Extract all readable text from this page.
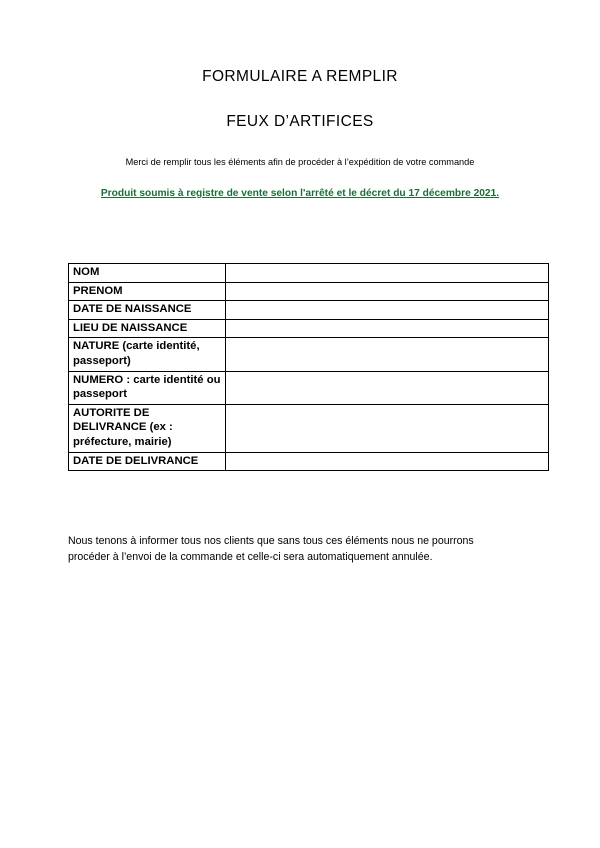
FORMULAIRE A REMPLIR
FEUX D’ARTIFICES

Merci de remplir tous les éléments afin de procéder à l’expédition de votre commande

Produit soumis à registre de vente selon l'arrêté et le décret du 17 décembre 2021.

NOM	
PRENOM	
DATE DE NAISSANCE	
LIEU DE NAISSANCE	
NATURE (carte identité, passeport)	
NUMERO : carte identité ou passeport	
AUTORITE DE DELIVRANCE (ex : préfecture, mairie)	
DATE DE DELIVRANCE	
Nous tenons à informer tous nos clients que sans tous ces éléments nous ne pourrons
procéder à l’envoi de la commande et celle-ci sera automatiquement annulée.
